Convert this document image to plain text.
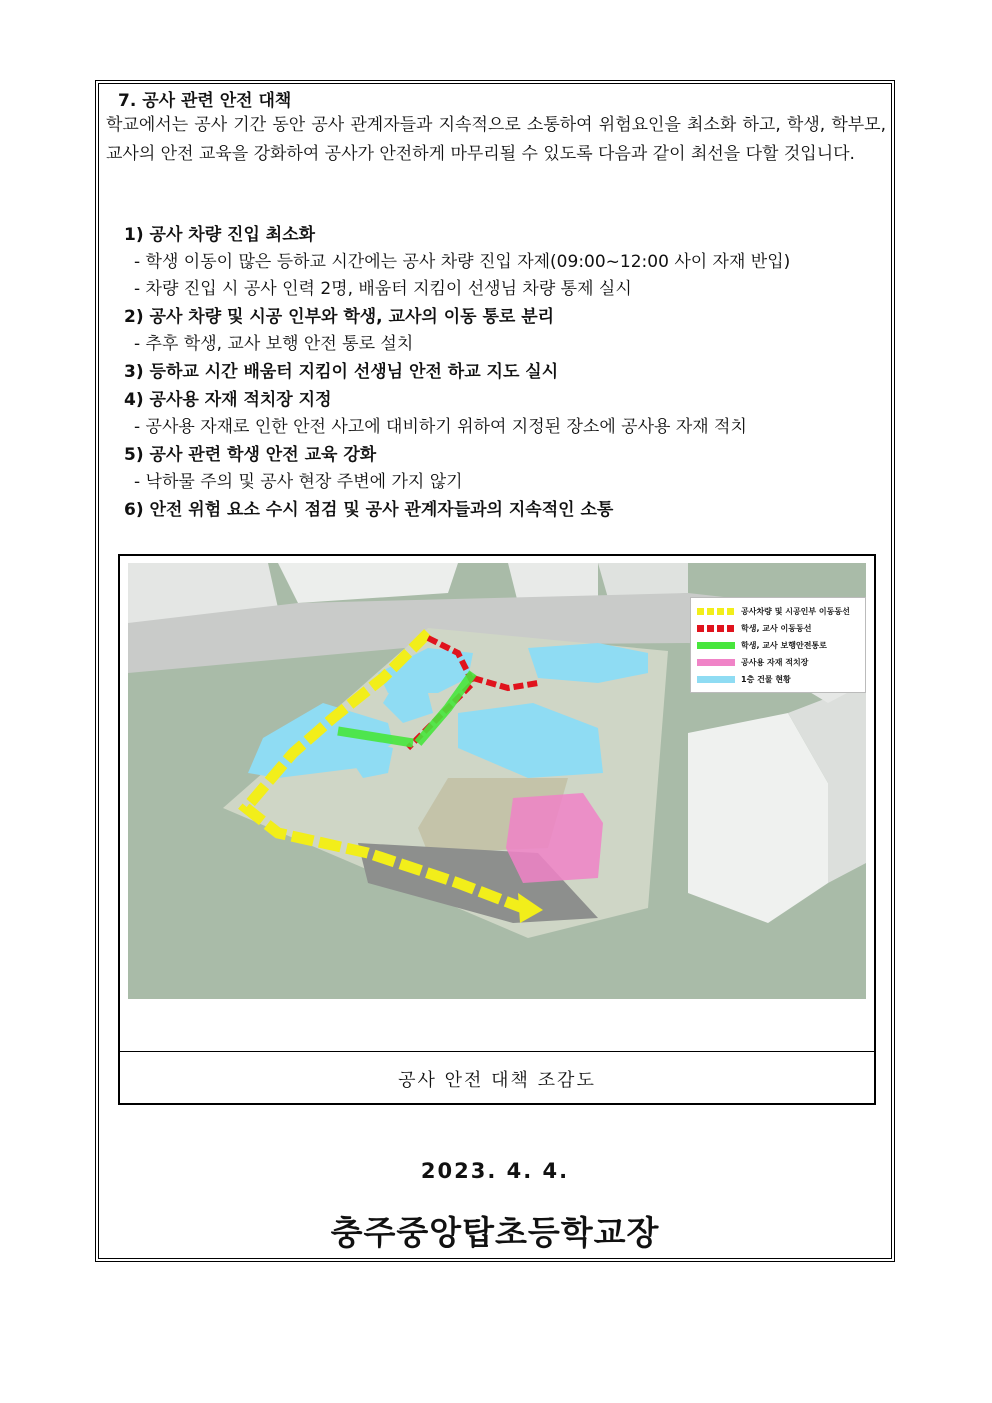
7. 공사 관련 안전 대책
학교에서는 공사 기간 동안 공사 관계자들과 지속적으로 소통하여 위험요인을 최소화 하고, 학생, 학부모, 교사의 안전 교육을 강화하여 공사가 안전하게 마무리될 수 있도록 다음과 같이 최선을 다할 것입니다.
1) 공사 차량 진입 최소화
- 학생 이동이 많은 등하교 시간에는 공사 차량 진입 자제(09:00~12:00 사이 자재 반입)
- 차량 진입 시 공사 인력 2명, 배움터 지킴이 선생님 차량 통제 실시
2) 공사 차량 및 시공 인부와 학생, 교사의 이동 통로 분리
- 추후 학생, 교사 보행 안전 통로 설치
3) 등하교 시간 배움터 지킴이 선생님 안전 하교 지도 실시
4) 공사용 자재 적치장 지정
- 공사용 자재로 인한 안전 사고에 대비하기 위하여 지정된 장소에 공사용 자재 적치
5) 공사 관련 학생 안전 교육 강화
- 낙하물 주의 및 공사 현장 주변에 가지 않기
6) 안전 위험 요소 수시 점검 및 공사 관계자들과의 지속적인 소통
공사차량 및 시공인부 이동동선
학생, 교사 이동동선
학생, 교사 보행안전통로
공사용 자재 적치장
1층 건물 현황
공사 안전 대책 조감도
2023. 4. 4.
충주중앙탑초등학교장
